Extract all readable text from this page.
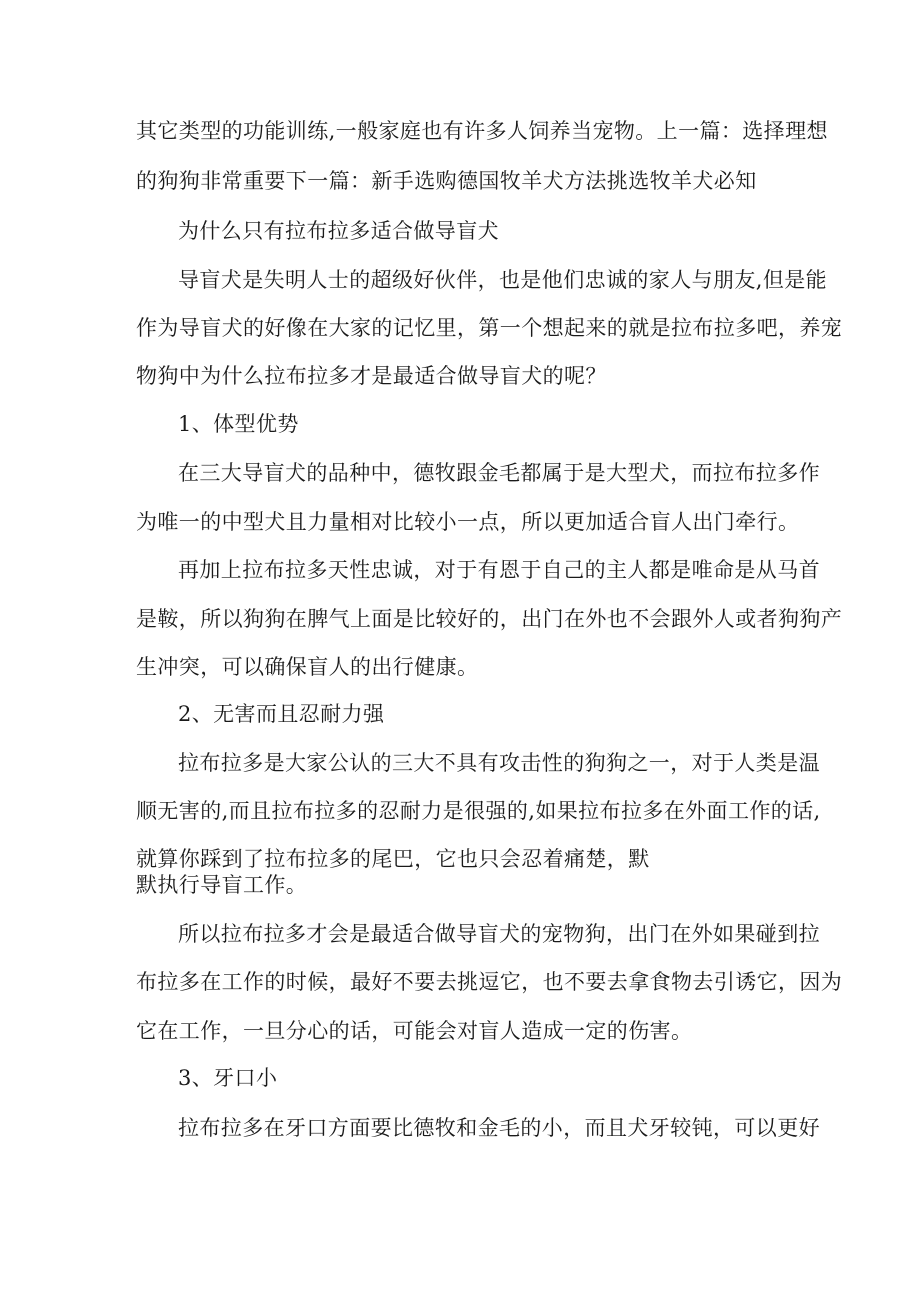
其它类型的功能训练,一般家庭也有许多人饲养当宠物。上一篇：选择理想
的狗狗非常重要下一篇：新手选购德国牧羊犬方法挑选牧羊犬必知
为什么只有拉布拉多适合做导盲犬
导盲犬是失明人士的超级好伙伴，也是他们忠诚的家人与朋友,但是能
作为导盲犬的好像在大家的记忆里，第一个想起来的就是拉布拉多吧，养宠
物狗中为什么拉布拉多才是最适合做导盲犬的呢？
1、体型优势
在三大导盲犬的品种中，德牧跟金毛都属于是大型犬，而拉布拉多作
为唯一的中型犬且力量相对比较小一点，所以更加适合盲人出门牵行。
再加上拉布拉多天性忠诚，对于有恩于自己的主人都是唯命是从马首
是鞍，所以狗狗在脾气上面是比较好的，出门在外也不会跟外人或者狗狗产
生冲突，可以确保盲人的出行健康。
2、无害而且忍耐力强
拉布拉多是大家公认的三大不具有攻击性的狗狗之一，对于人类是温
顺无害的,而且拉布拉多的忍耐力是很强的,如果拉布拉多在外面工作的话,
就算你踩到了拉布拉多的尾巴，它也只会忍着痛楚，默
默执行导盲工作。
所以拉布拉多才会是最适合做导盲犬的宠物狗，出门在外如果碰到拉
布拉多在工作的时候，最好不要去挑逗它，也不要去拿食物去引诱它，因为
它在工作，一旦分心的话，可能会对盲人造成一定的伤害。
3、牙口小
拉布拉多在牙口方面要比德牧和金毛的小，而且犬牙较钝，可以更好
